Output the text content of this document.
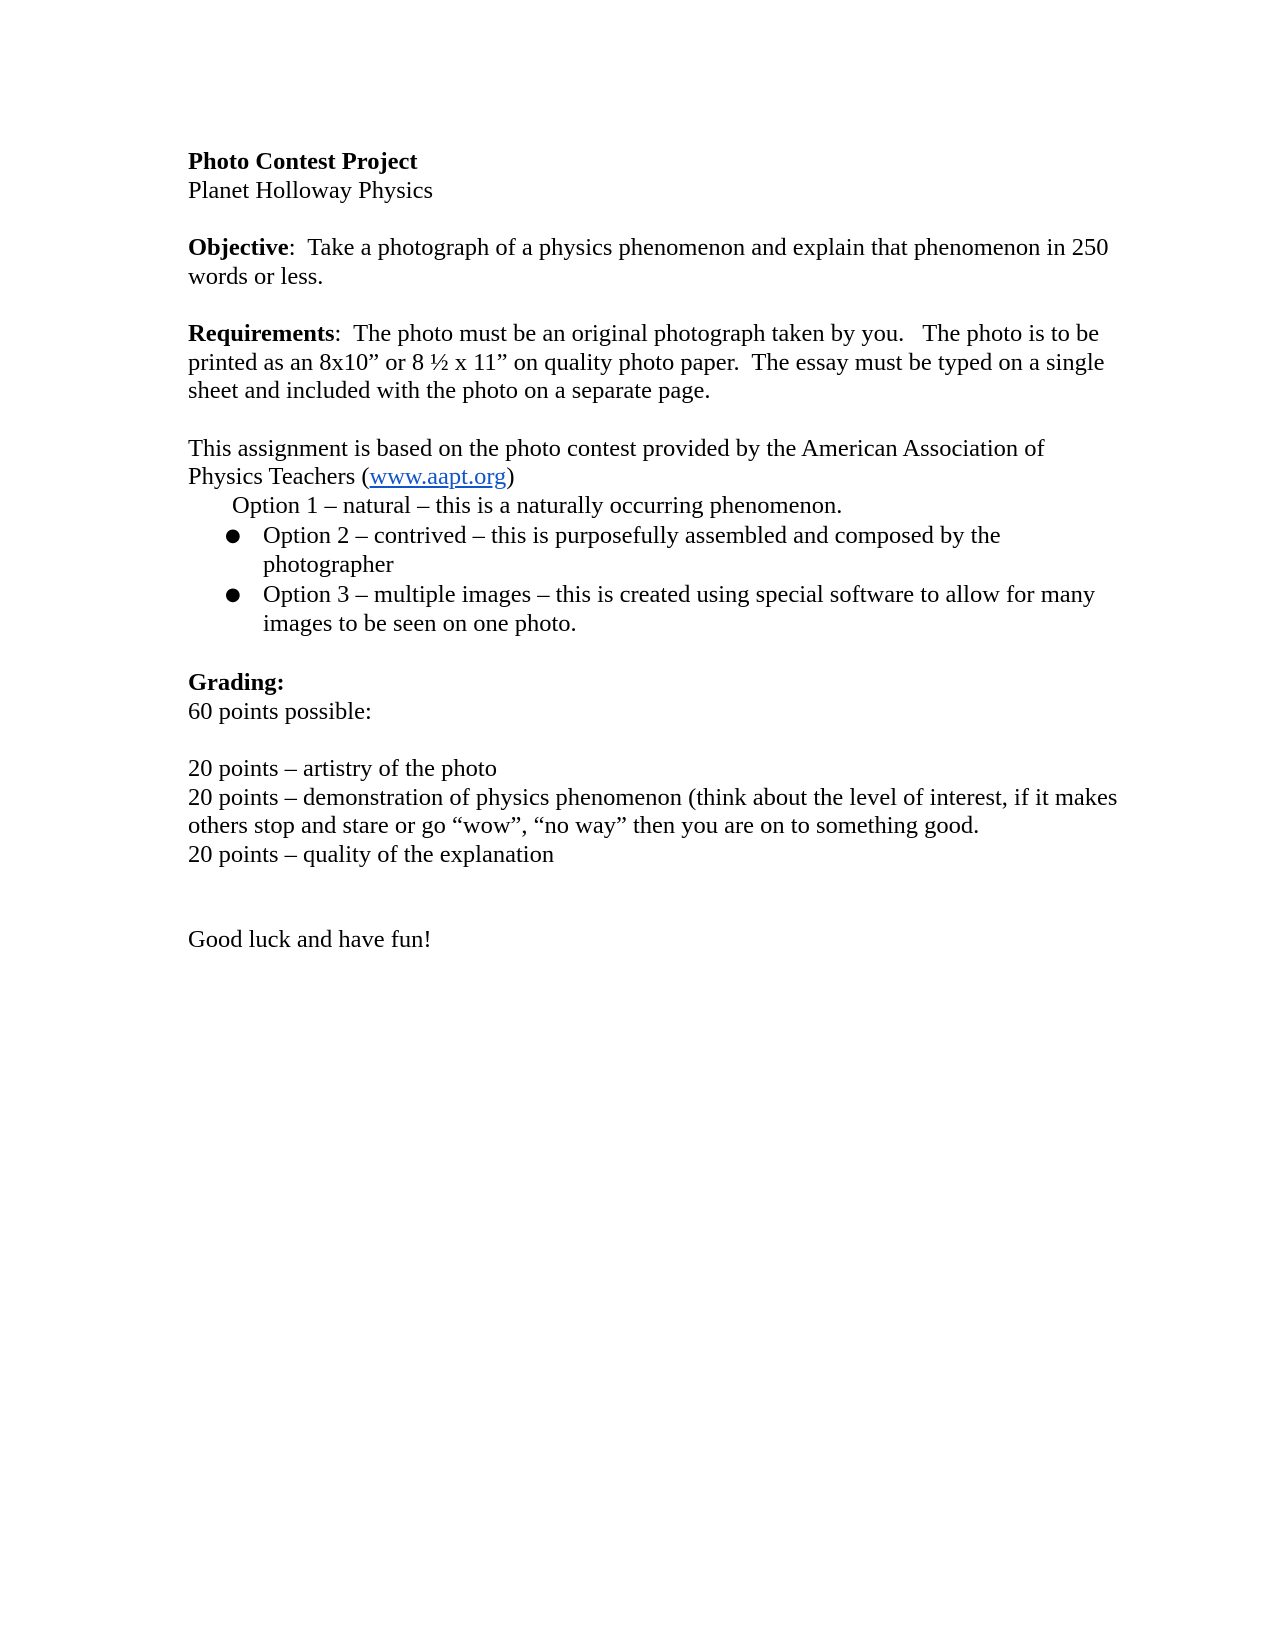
Photo Contest Project
Planet Holloway Physics
Objective:  Take a photograph of a physics phenomenon and explain that phenomenon in 250 words or less.
Requirements:  The photo must be an original photograph taken by you.   The photo is to be printed as an 8x10” or 8 ½ x 11” on quality photo paper.  The essay must be typed on a single sheet and included with the photo on a separate page.
This assignment is based on the photo contest provided by the American Association of Physics Teachers (www.aapt.org)
Option 1 – natural – this is a naturally occurring phenomenon.
● Option 2 – contrived – this is purposefully assembled and composed by the photographer
● Option 3 – multiple images – this is created using special software to allow for many images to be seen on one photo.
Grading:
60 points possible:
20 points – artistry of the photo
20 points – demonstration of physics phenomenon (think about the level of interest, if it makes others stop and stare or go “wow”, “no way” then you are on to something good.
20 points – quality of the explanation
Good luck and have fun!
